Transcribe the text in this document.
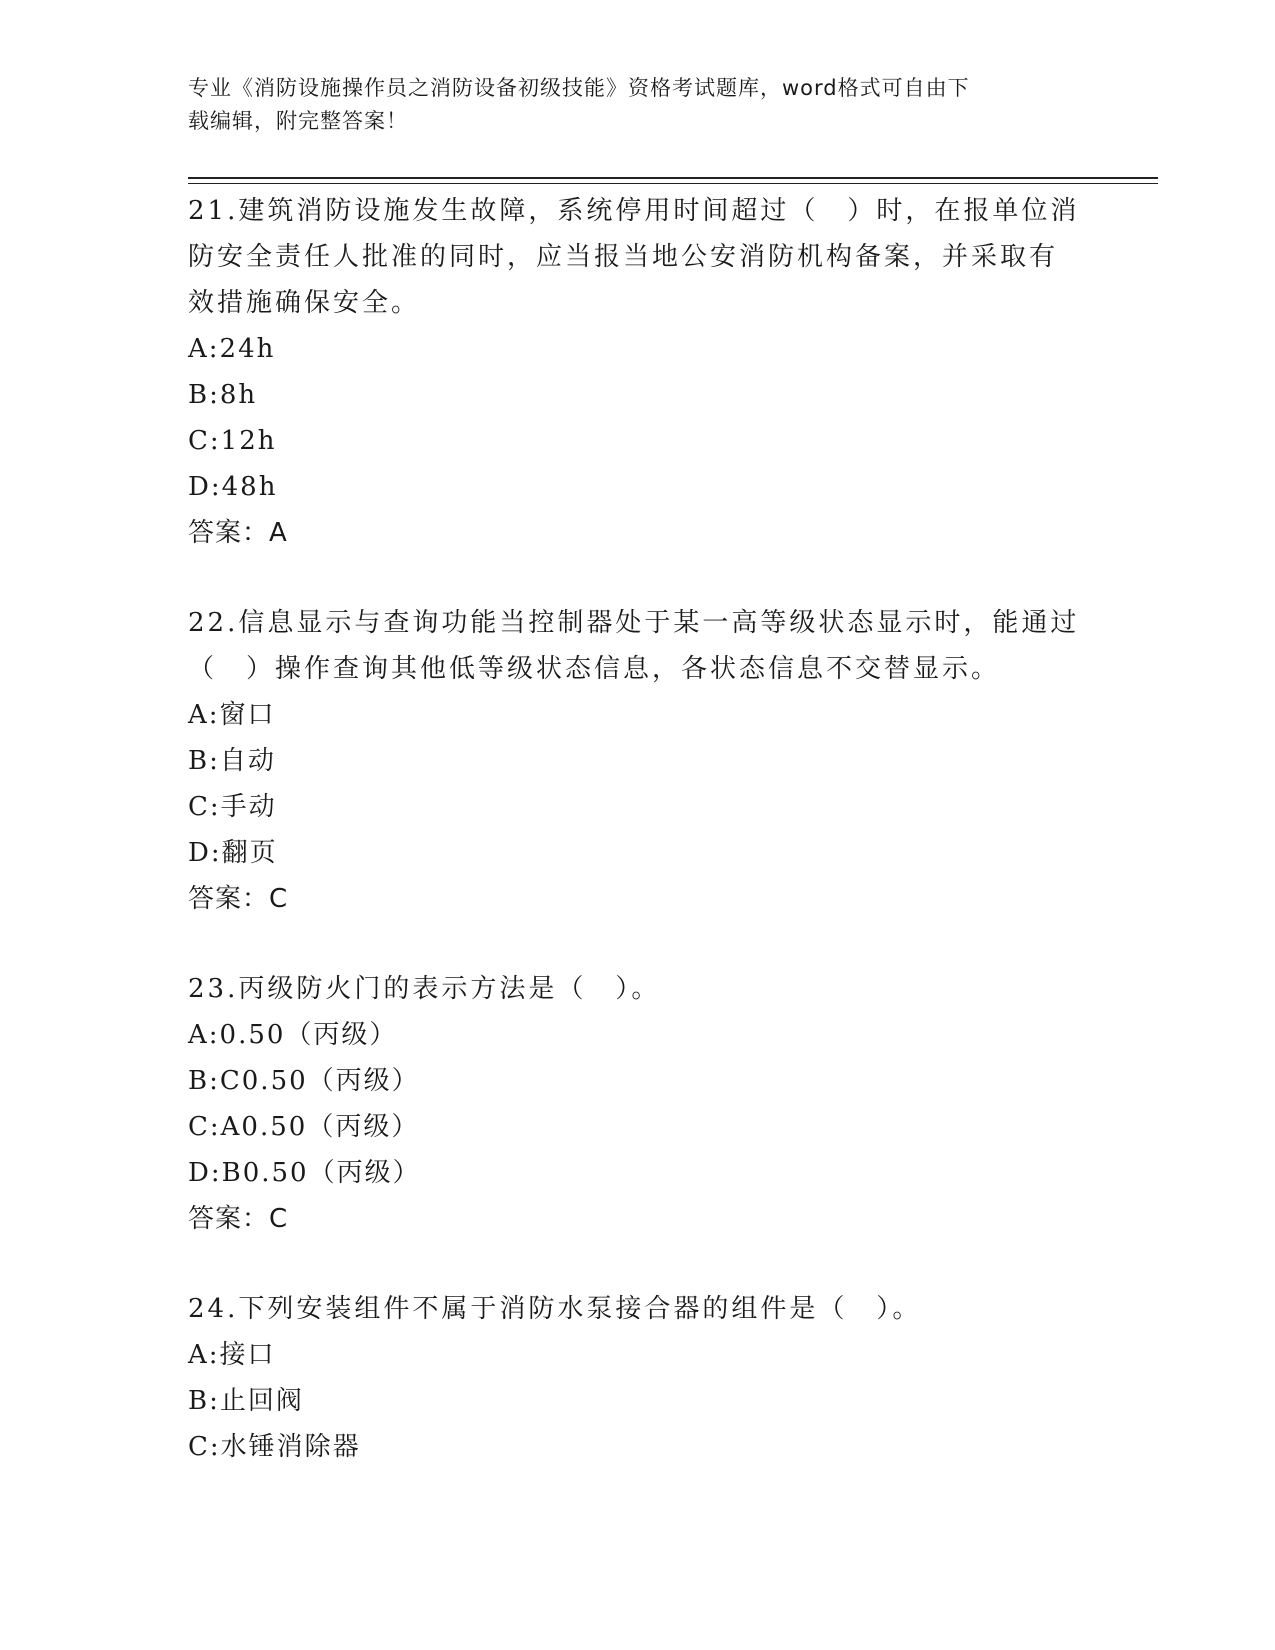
专业《消防设施操作员之消防设备初级技能》资格考试题库，word格式可自由下
载编辑，附完整答案！
21.建筑消防设施发生故障，系统停用时间超过（　）时，在报单位消
防安全责任人批准的同时，应当报当地公安消防机构备案，并采取有
效措施确保安全。
A:24h
B:8h
C:12h
D:48h
答案：A
22.信息显示与查询功能当控制器处于某一高等级状态显示时，能通过
（　）操作查询其他低等级状态信息，各状态信息不交替显示。
A:窗口
B:自动
C:手动
D:翻页
答案：C
23.丙级防火门的表示方法是（　）。
A:0.50（丙级）
B:C0.50（丙级）
C:A0.50（丙级）
D:B0.50（丙级）
答案：C
24.下列安装组件不属于消防水泵接合器的组件是（　）。
A:接口
B:止回阀
C:水锤消除器
